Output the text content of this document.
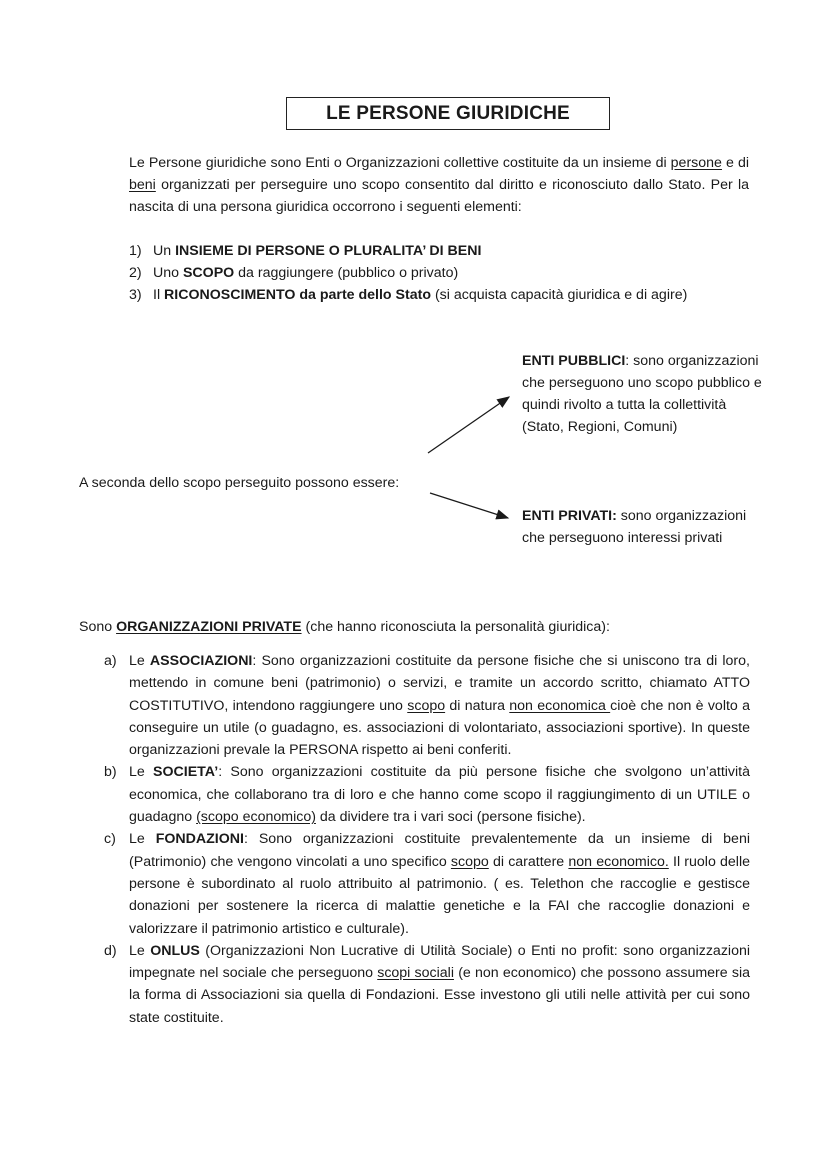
LE PERSONE GIURIDICHE
Le Persone giuridiche sono Enti o Organizzazioni collettive costituite da un insieme di persone e di beni organizzati per perseguire uno scopo consentito dal diritto e riconosciuto dallo Stato. Per la nascita di una persona giuridica occorrono i seguenti elementi:
1) Un INSIEME DI PERSONE O PLURALITA’ DI BENI
2) Uno SCOPO da raggiungere (pubblico o privato)
3) Il RICONOSCIMENTO da parte dello Stato (si acquista capacità giuridica e di agire)
ENTI PUBBLICI: sono organizzazioni che perseguono uno scopo pubblico e quindi rivolto a tutta la collettività (Stato, Regioni, Comuni)
A seconda dello scopo perseguito possono essere:
ENTI PRIVATI: sono organizzazioni che perseguono interessi privati
Sono ORGANIZZAZIONI PRIVATE (che hanno riconosciuta la personalità giuridica):
a) Le ASSOCIAZIONI: Sono organizzazioni costituite da persone fisiche che si uniscono tra di loro, mettendo in comune beni (patrimonio) o servizi, e tramite un accordo scritto, chiamato ATTO COSTITUTIVO, intendono raggiungere uno scopo di natura non economica cioè che non è volto a conseguire un utile (o guadagno, es. associazioni di volontariato, associazioni sportive). In queste organizzazioni prevale la PERSONA rispetto ai beni conferiti.
b) Le SOCIETA’: Sono organizzazioni costituite da più persone fisiche che svolgono un’attività economica, che collaborano tra di loro e che hanno come scopo il raggiungimento di un UTILE o guadagno (scopo economico) da dividere tra i vari soci (persone fisiche).
c) Le FONDAZIONI: Sono organizzazioni costituite prevalentemente da un insieme di beni (Patrimonio) che vengono vincolati a uno specifico scopo di carattere non economico. Il ruolo delle persone è subordinato al ruolo attribuito al patrimonio. ( es. Telethon che raccoglie e gestisce donazioni per sostenere la ricerca di malattie genetiche e la FAI che raccoglie donazioni e valorizzare il patrimonio artistico e culturale).
d) Le ONLUS (Organizzazioni Non Lucrative di Utilità Sociale) o Enti no profit: sono organizzazioni impegnate nel sociale che perseguono scopi sociali (e non economico) che possono assumere sia la forma di Associazioni sia quella di Fondazioni. Esse investono gli utili nelle attività per cui sono state costituite.
